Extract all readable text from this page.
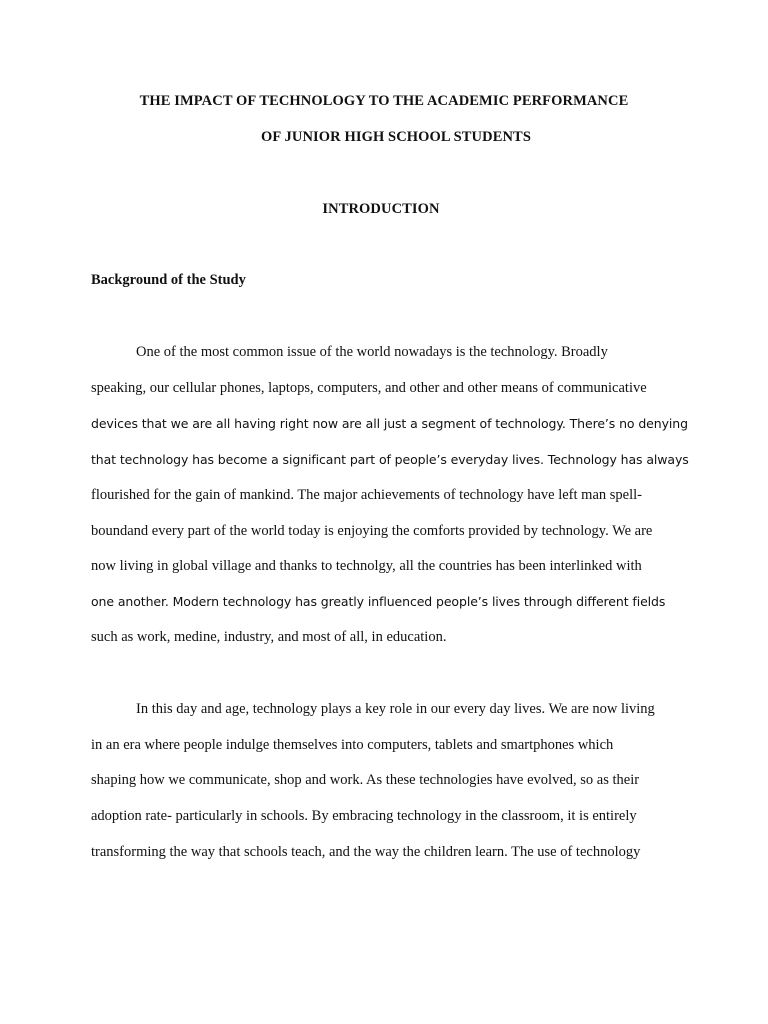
THE IMPACT OF TECHNOLOGY TO THE ACADEMIC PERFORMANCE
OF JUNIOR HIGH SCHOOL STUDENTS
INTRODUCTION
Background of the Study
One of the most common issue of the world nowadays is the technology. Broadly
speaking, our cellular phones, laptops, computers, and other and other means of communicative
devices that we are all having right now are all just a segment of technology. There’s no denying
that technology has become a significant part of people’s everyday lives. Technology has always
flourished for the gain of mankind. The major achievements of technology have left man spell-
boundand every part of the world today is enjoying the comforts provided by technology. We are
now living in global village and thanks to technolgy, all the countries has been interlinked with
one another. Modern technology has greatly influenced people’s lives through different fields
such as work, medine, industry, and most of all, in education.
In this day and age, technology plays a key role in our every day lives. We are now living
in an era where people indulge themselves into computers, tablets and smartphones which
shaping how we communicate, shop and work. As these technologies have evolved, so as their
adoption rate- particularly in schools. By embracing technology in the classroom, it is entirely
transforming the way that schools teach, and the way the children learn. The use of technology
